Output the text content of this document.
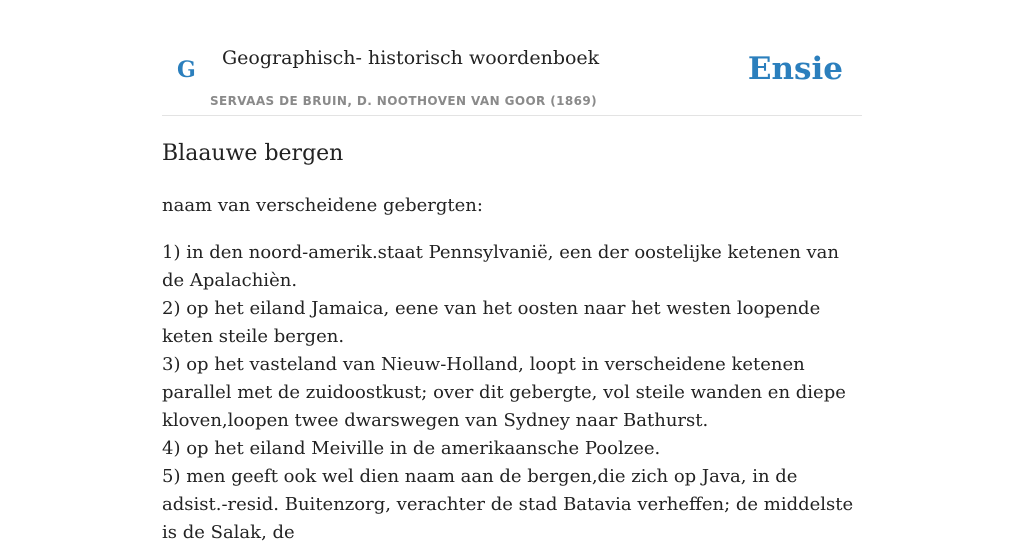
G Geographisch- historisch woordenboek
SERVAAS DE BRUIN, D. NOOTHOVEN VAN GOOR (1869)
Ensie
Blaauwe bergen

naam van verscheidene gebergten:

1) in den noord-amerik.staat Pennsylvanië, een der oostelijke ketenen van de Apalachièn.
2) op het eiland Jamaica, eene van het oosten naar het westen loopende keten steile bergen.
3) op het vasteland van Nieuw-Holland, loopt in verscheidene ketenen parallel met de zuidoostkust; over dit gebergte, vol steile wanden en diepe kloven,loopen twee dwarswegen van Sydney naar Bathurst.
4) op het eiland Meiville in de amerikaansche Poolzee.
5) men geeft ook wel dien naam aan de bergen,die zich op Java, in de adsist.-resid. Buitenzorg, verachter de stad Batavia verheffen; de middelste is de Salak, de
